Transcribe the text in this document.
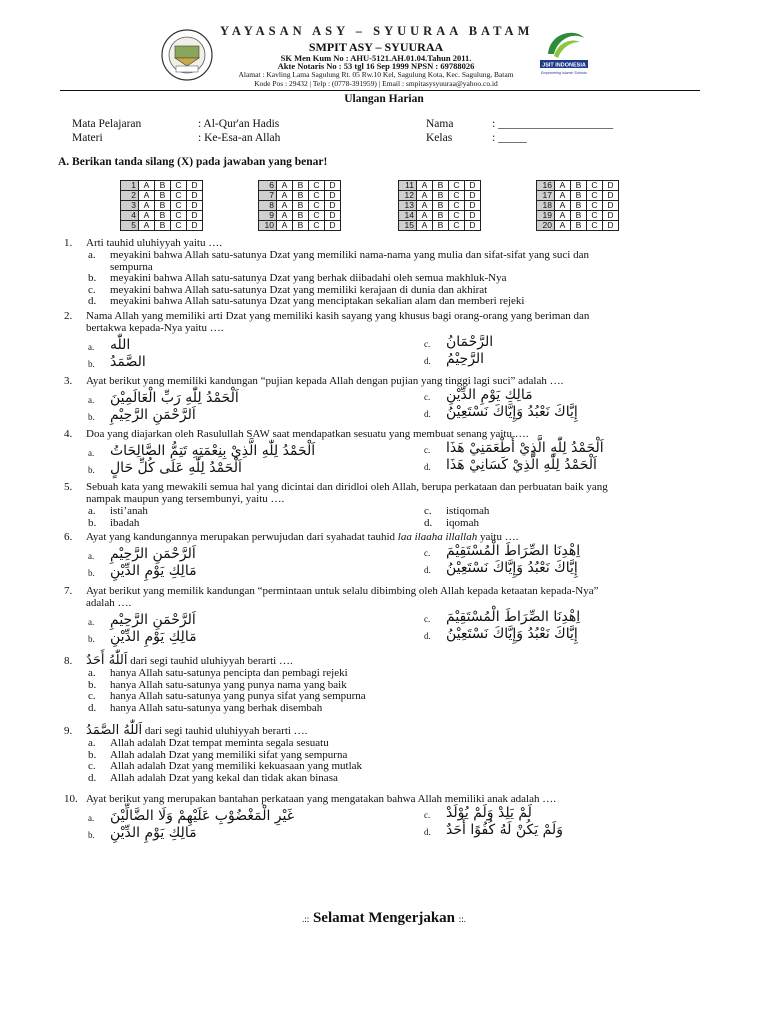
JSIT INDONESIA
Empowering Islamic Schools
YAYASAN ASY – SYUURAA BATAM
SMPIT ASY – SYUURAA
SK Men Kum No : AHU-5121.AH.01.04.Tahun 2011.
Akte Notaris No : 53 tgl 16 Sep 1999 NPSN : 69788026
Alamat : Kavling Lama Sagulung Rt. 05 Rw.10 Kel, Sagulung Kota, Kec. Sagulung, Batam
Kode Pos : 29432 | Telp : (0778-391959) | Email : smpitasysyuuraa@yahoo.co.id
Ulangan Harian
Mata Pelajaran	: Al-Qur'an Hadis
Materi	: Ke-Esa-an Allah
Nama	: ____________________
Kelas	: _____
A. Berikan tanda silang (X) pada jawaban yang benar!
1	A	B	C	D
2	A	B	C	D
3	A	B	C	D
4	A	B	C	D
5	A	B	C	D
6	A	B	C	D
7	A	B	C	D
8	A	B	C	D
9	A	B	C	D
10	A	B	C	D
11	A	B	C	D
12	A	B	C	D
13	A	B	C	D
14	A	B	C	D
15	A	B	C	D
16	A	B	C	D
17	A	B	C	D
18	A	B	C	D
19	A	B	C	D
20	A	B	C	D
1. Arti tauhid uluhiyyah yaitu ….
a. meyakini bahwa Allah satu-satunya Dzat yang memiliki nama-nama yang mulia dan sifat-sifat yang suci dan
sempurna
b. meyakini bahwa Allah satu-satunya Dzat yang berhak diibadahi oleh semua makhluk-Nya
c. meyakini bahwa Allah satu-satunya Dzat yang memiliki kerajaan di dunia dan akhirat
d. meyakini bahwa Allah satu-satunya Dzat yang menciptakan sekalian alam dan memberi rejeki
2. Nama Allah yang memiliki arti Dzat yang memiliki kasih sayang yang khusus bagi orang-orang yang beriman dan
bertakwa kepada-Nya yaitu ….
a. اللّٰه	c. الرَّحْمَانُ
b. الصَّمَدُ	d. الرَّحِيْمُ
3. Ayat berikut yang memiliki kandungan “pujian kepada Allah dengan pujian yang tinggi lagi suci” adalah ….
a. اَلْحَمْدُ لِلّٰهِ رَبِّ الْعَالَمِيْنَ	c. مَالِكِ يَوْمِ الدِّيْنِ
b. اَلرَّحْمَنِ الرَّحِيْمِ	d. إِيَّاكَ نَعْبُدُ وَإِيَّاكَ نَسْتَعِيْنُ
4. Doa yang diajarkan oleh Rasulullah SAW saat mendapatkan sesuatu yang membuat senang yaitu ….
a. اَلْحَمْدُ لِلّٰهِ الَّذِيْ بِنِعْمَتِهِ تَتِمُّ الصَّالِحَاتُ	c. اَلْحَمْدُ لِلّٰهِ الَّذِيْ أَطْعَمَنِيْ هَذَا
b. اَلْحَمْدُ لِلّٰهِ عَلَى كُلِّ حَالٍ	d. اَلْحَمْدُ لِلّٰهِ الَّذِيْ كَسَانِيْ هَذَا
5. Sebuah kata yang mewakili semua hal yang dicintai dan diridloi oleh Allah, berupa perkataan dan perbuatan baik yang
nampak maupun yang tersembunyi, yaitu ….
a. isti’anah	c. istiqomah
b. ibadah	d. iqomah
6. Ayat yang kandungannya merupakan perwujudan dari syahadat tauhid laa ilaaha illallah yaitu ….
a. اَلرَّحْمَنِ الرَّحِيْمِ	c. اِهْدِنَا الصِّرَاطَ الْمُسْتَقِيْمَ
b. مَالِكِ يَوْمِ الدِّيْنِ	d. إِيَّاكَ نَعْبُدُ وَإِيَّاكَ نَسْتَعِيْنُ
7. Ayat berikut yang memilik kandungan “permintaan untuk selalu dibimbing oleh Allah kepada ketaatan kepada-Nya”
adalah ….
a. اَلرَّحْمَنِ الرَّحِيْمِ	c. اِهْدِنَا الصِّرَاطَ الْمُسْتَقِيْمَ
b. مَالِكِ يَوْمِ الدِّيْنِ	d. إِيَّاكَ نَعْبُدُ وَإِيَّاكَ نَسْتَعِيْنُ
8. اَللّٰهُ أَحَدٌ dari segi tauhid uluhiyyah berarti ….
a. hanya Allah satu-satunya pencipta dan pembagi rejeki
b. hanya Allah satu-satunya yang punya nama yang baik
c. hanya Allah satu-satunya yang punya sifat yang sempurna
d. hanya Allah satu-satunya yang berhak disembah
9. اَللّٰهُ الصَّمَدُ dari segi tauhid uluhiyyah berarti ….
a. Allah adalah Dzat tempat meminta segala sesuatu
b. Allah adalah Dzat yang memiliki sifat yang sempurna
c. Allah adalah Dzat yang memiliki kekuasaan yang mutlak
d. Allah adalah Dzat yang kekal dan tidak akan binasa
10. Ayat berikut yang merupakan bantahan perkataan yang mengatakan bahwa Allah memiliki anak adalah ….
a. غَيْرِ الْمَغْضُوْبِ عَلَيْهِمْ وَلَا الضَّالِّيْنَ	c. لَمْ يَلِدْ وَلَمْ يُوْلَدْ
b. مَالِكِ يَوْمِ الدِّيْنِ	d. وَلَمْ يَكُنْ لَهُ كُفُوًا أَحَدٌ
.:: Selamat Mengerjakan ::.
